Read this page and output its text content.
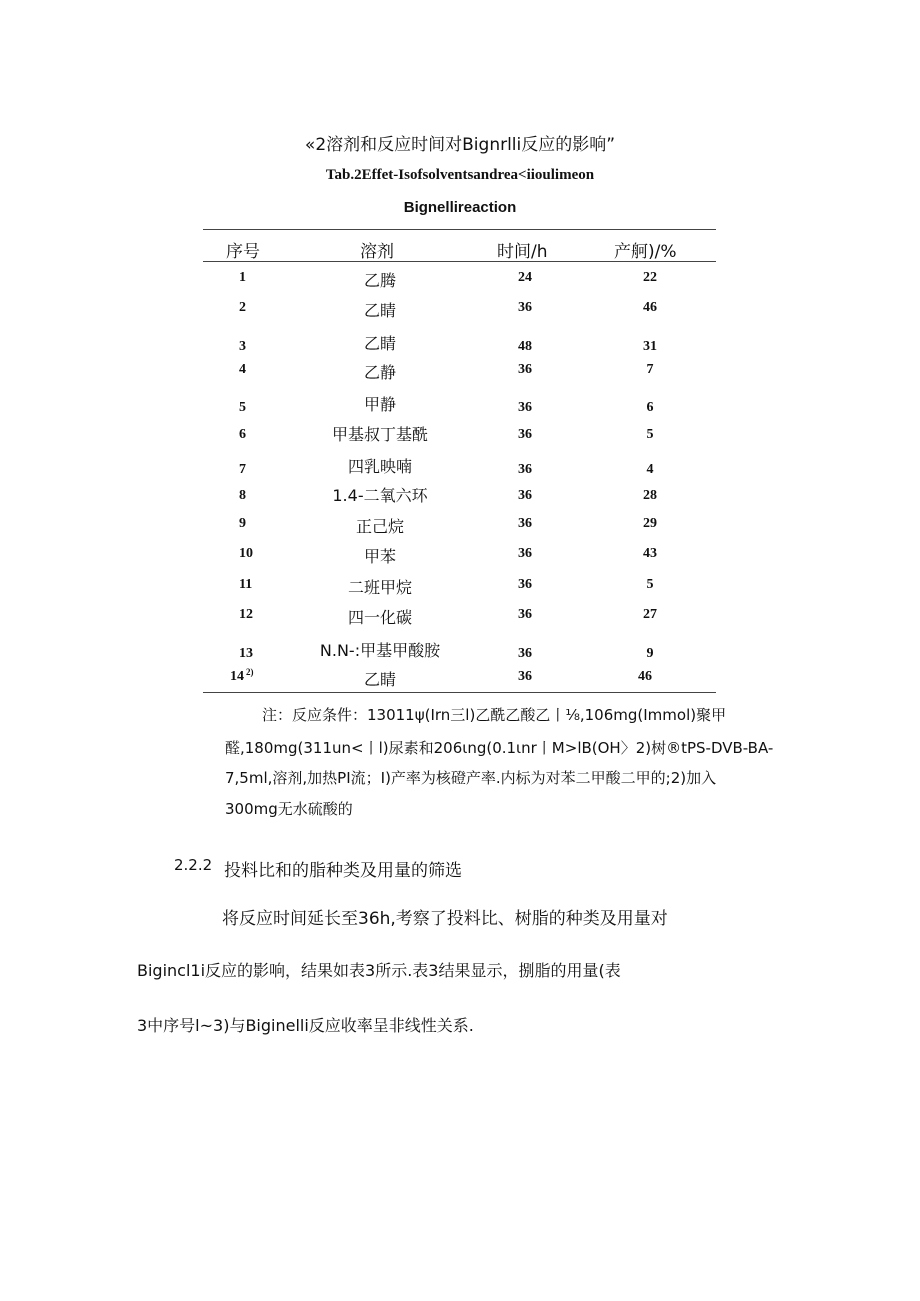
«2溶剂和反应时间对Bignrlli反应的影响”
Tab.2Effet-Isofsolventsandrea<iioulimeon
Bignellireaction
序号	溶剂	时间/h	产舸)/%
1	乙腾	24	22
2	乙睛	36	46
3	乙睛	48	31
4	乙静	36	7
5	甲静	36	6
6	甲基叔丁基酰	36	5
7	四乳映喃	36	4
8	1.4-二氧六环	36	28
9	正己烷	36	29
10	甲苯	36	43
11	二班甲烷	36	5
12	四一化碳	36	27
13	N.N-:甲基甲酸胺	36	9
14 2)	乙睛	36	46
注：反应条件：13011ψ(Irn三l)乙酰乙酸乙丨⅛,106mg(Immol)聚甲
醛,180mg(311un<丨l)尿素和206ιng(0.1ιnr丨M>lB(OH〉2)树®tPS-DVB-BA-
7,5ml,溶剂,加热PI流；I)产率为核磴产率.内标为对苯二甲酸二甲的;2)加入
300mg无水硫酸的
2.2.2 投料比和的脂种类及用量的筛选
将反应时间延长至36h,考察了投料比、树脂的种类及用量对
Bigincl1i反应的影响，结果如表3所示.表3结果显示，捌脂的用量(表
3中序号l~3)与Biginelli反应收率呈非线性关系.
